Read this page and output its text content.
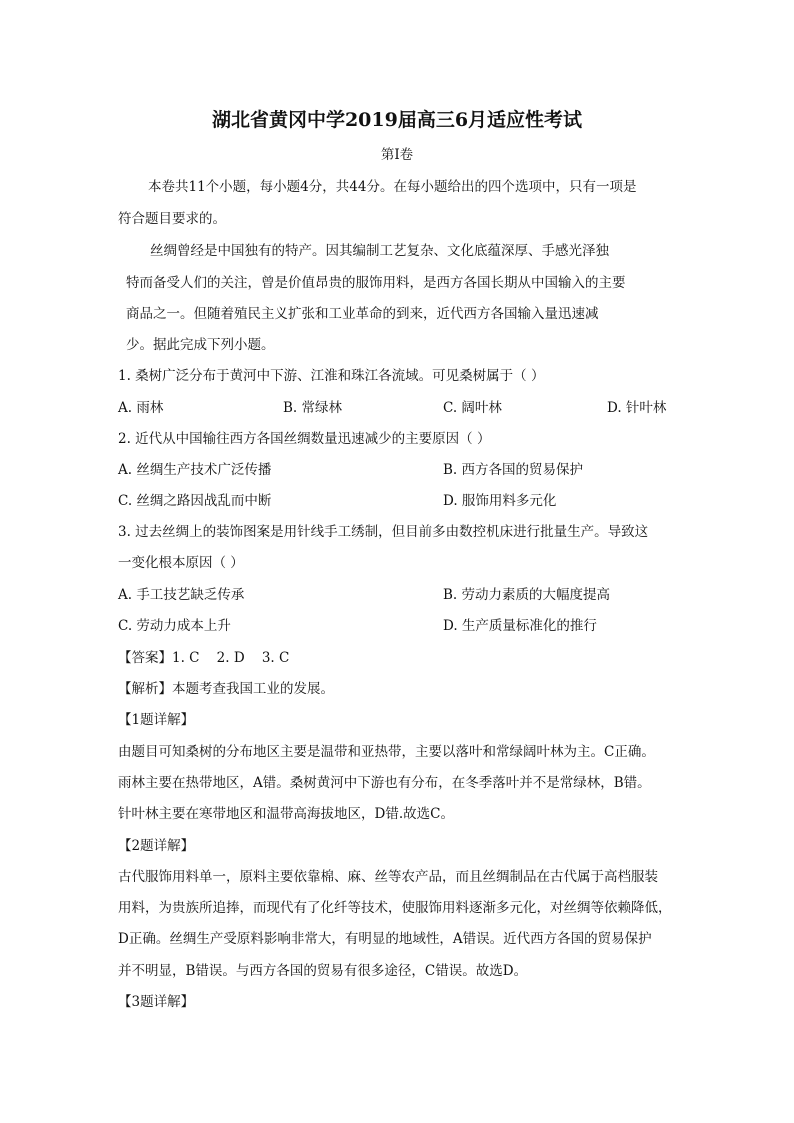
湖北省黄冈中学2019届高三6月适应性考试
第I卷
本卷共11个小题，每小题4分，共44分。在每小题给出的四个选项中，只有一项是
符合题目要求的。
丝绸曾经是中国独有的特产。因其编制工艺复杂、文化底蕴深厚、手感光泽独
特而备受人们的关注，曾是价值昂贵的服饰用料，是西方各国长期从中国输入的主要
商品之一。但随着殖民主义扩张和工业革命的到来，近代西方各国输入量迅速减
少。据此完成下列小题。
1. 桑树广泛分布于黄河中下游、江淮和珠江各流域。可见桑树属于（ ）
A. 雨林	B. 常绿林	C. 阔叶林	D. 针叶林
2. 近代从中国输往西方各国丝绸数量迅速减少的主要原因（ ）
A. 丝绸生产技术广泛传播	B. 西方各国的贸易保护
C. 丝绸之路因战乱而中断	D. 服饰用料多元化
3. 过去丝绸上的装饰图案是用针线手工绣制，但目前多由数控机床进行批量生产。导致这
一变化根本原因（ ）
A. 手工技艺缺乏传承	B. 劳动力素质的大幅度提高
C. 劳动力成本上升	D. 生产质量标准化的推行
【答案】1. C    2. D    3. C
【解析】本题考查我国工业的发展。
【1题详解】
由题目可知桑树的分布地区主要是温带和亚热带，主要以落叶和常绿阔叶林为主。C正确。
雨林主要在热带地区，A错。桑树黄河中下游也有分布，在冬季落叶并不是常绿林，B错。
针叶林主要在寒带地区和温带高海拔地区，D错.故选C。
【2题详解】
古代服饰用料单一，原料主要依靠棉、麻、丝等农产品，而且丝绸制品在古代属于高档服装
用料，为贵族所追捧，而现代有了化纤等技术，使服饰用料逐渐多元化，对丝绸等依赖降低，
D正确。丝绸生产受原料影响非常大，有明显的地域性，A错误。近代西方各国的贸易保护
并不明显，B错误。与西方各国的贸易有很多途径，C错误。故选D。
【3题详解】
